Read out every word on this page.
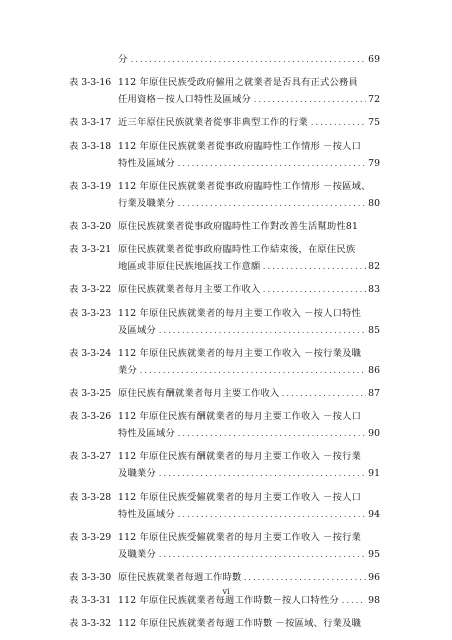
分	69
.....
表 3-3-16 112 年原住民族受政府僱用之就業者是否具有正式公務員
任用資格－按人口特性及區域分	72
.....
表 3-3-17 近三年原住民族就業者從事非典型工作的行業	75
.....
表 3-3-18 112 年原住民族就業者從事政府臨時性工作情形 －按人口
特性及區域分	79
.....
表 3-3-19 112 年原住民族就業者從事政府臨時性工作情形 －按區域、
行業及職業分	80
.....
表 3-3-20 原住民族就業者從事政府臨時性工作對改善生活幫助性81
表 3-3-21 原住民族就業者從事政府臨時性工作結束後，在原住民族
地區或非原住民族地區找工作意願	82
.....
表 3-3-22 原住民族就業者每月主要工作收入	83
.....
表 3-3-23 112 年原住民族就業者的每月主要工作收入 －按人口特性
及區域分	85
.....
表 3-3-24 112 年原住民族就業者的每月主要工作收入 －按行業及職
業分	86
.....
表 3-3-25 原住民族有酬就業者每月主要工作收入	87
.....
表 3-3-26 112 年原住民族有酬就業者的每月主要工作收入 －按人口
特性及區域分	90
.....
表 3-3-27 112 年原住民族有酬就業者的每月主要工作收入 －按行業
及職業分	91
.....
表 3-3-28 112 年原住民族受僱就業者的每月主要工作收入 －按人口
特性及區域分	94
.....
表 3-3-29 112 年原住民族受僱就業者的每月主要工作收入 －按行業
及職業分	95
.....
表 3-3-30 原住民族就業者每週工作時數	96
.....
表 3-3-31 112 年原住民族就業者每週工作時數－按人口特性分	98
.....
表 3-3-32 112 年原住民族就業者每週工作時數 －按區域、行業及職
vi
